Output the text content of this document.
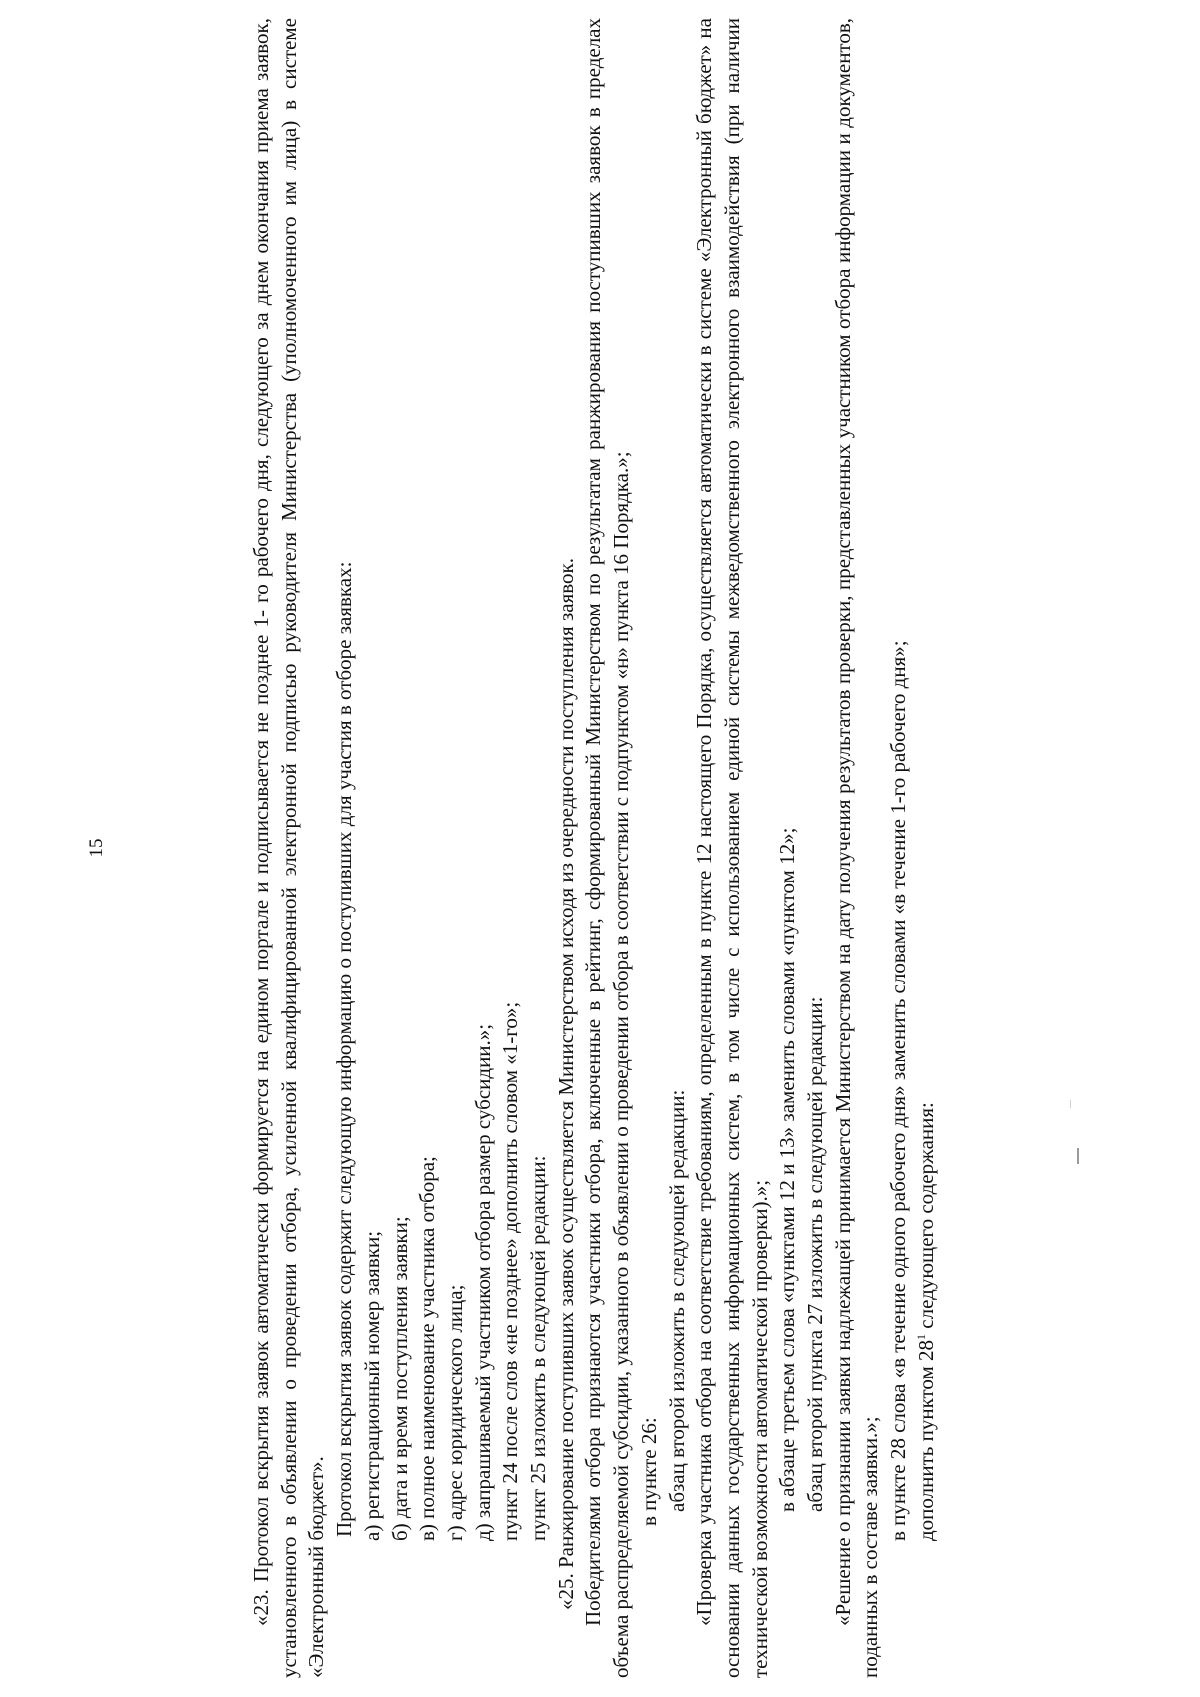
15	«23. Протокол вскрытия заявок автоматически формируется на едином портале и подписывается не позднее 1- го рабочего дня, следующего за днем окончания приема заявок, установленного в объявлении о проведении отбора, усиленной квалифицированной электронной подписью руководителя Министерства (уполномоченного им лица) в системе «Электронный бюджет».

Протокол вскрытия заявок содержит следующую информацию о поступивших для участия в отборе заявках: а) регистрационный номер заявки; б) дата и время поступления заявки; в) полное наименование участника отбора; г) адрес юридического лица; д) запрашиваемый участником отбора размер субсидии.»; пункт 24 после слов «не позднее» дополнить словом «1-го»; пункт 25 изложить в следующей редакции: «25. Ранжирование поступивших заявок осуществляется Министерством исходя из очередности поступления заявок. Победителями отбора признаются участники отбора, включенные в рейтинг, сформированный Министерством по результатам ранжирования поступивших заявок в пределах объема распределяемой субсидии, указанного в объявлении о проведении отбора в соответствии с подпунктом «н» пункта 16 Порядка.»; в пункте 26: абзац второй изложить в следующей редакции: «Проверка участника отбора на соответствие требованиям, определенным в пункте 12 настоящего Порядка, осуществляется автоматически в системе «Электронный бюджет» на основании данных государственных информационных систем, в том числе с использованием единой системы межведомственного электронного взаимодействия (при наличии технической возможности автоматической проверки).»; в абзаце третьем слова «пунктами 12 и 13» заменить словами «пунктом 12»; абзац второй пункта 27 изложить в следующей редакции: «Решение о признании заявки надлежащей принимается Министерством на дату получения результатов проверки, представленных участником отбора информации и документов, поданных в составе заявки.»;

в пункте 28 слова «в течение одного рабочего дня» заменить словами «в течение 1-го рабочего дня»; дополнить пунктом $28^1$ следующего содержания:
